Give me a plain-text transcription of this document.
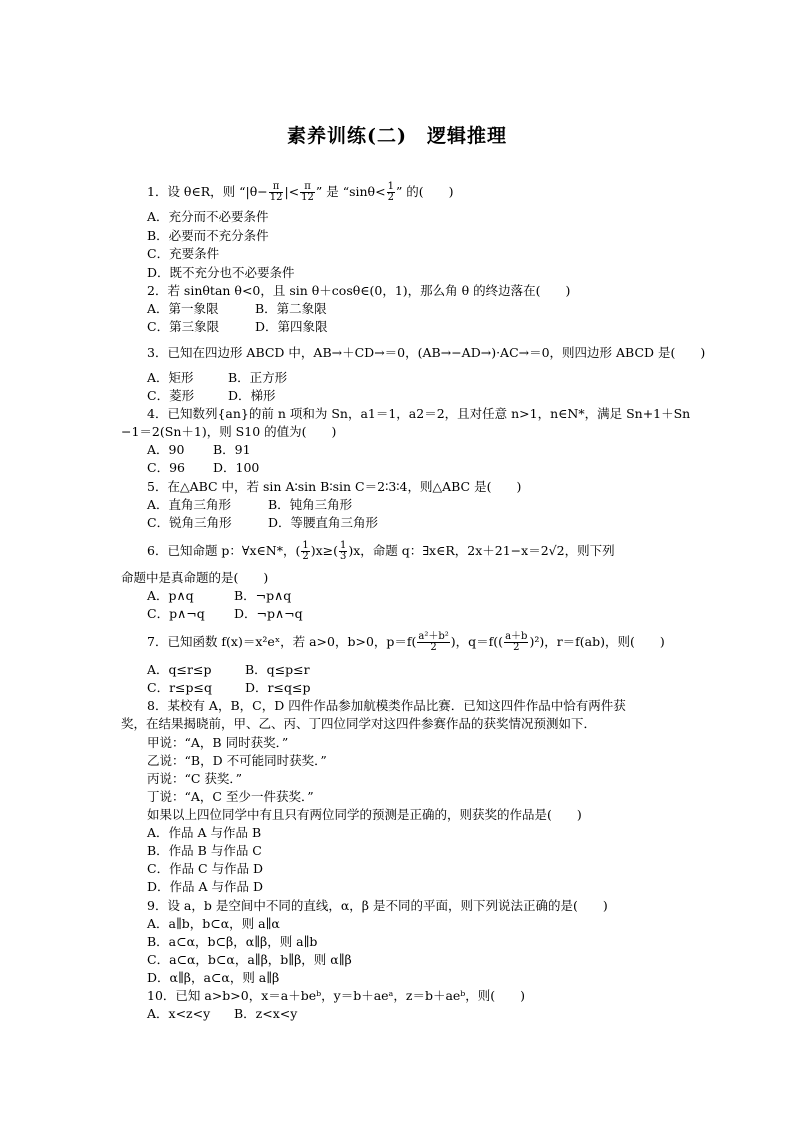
素养训练(二)　逻辑推理
1．设 θ∈R，则 “$|\theta- \frac{\pi}{12}$ |< $\frac{\pi}{12}$ ” 是 “$\sin\theta< \frac{1}{2}$ ” 的(　　)
A．充分而不必要条件
B．必要而不充分条件
C．充要条件
D．既不充分也不必要条件
2．若 sinθtan θ<0，且 sin θ＋cosθ∈(0，1)，那么角 θ 的终边落在(　　)
A．第一象限	B．第二象限
C．第三象限	D．第四象限
3．已知在四边形 ABCD 中，AB→＋CD→＝0，(AB→−AD→)·AC→＝0，则四边形 ABCD 是(　　)
A．矩形	B．正方形
C．菱形	D．梯形
4．已知数列{an}的前 n 项和为 Sn，a1＝1，a2＝2，且对任意 n>1，n∈N*，满足 Sn+1＋Sn
−1＝2(Sn＋1)，则 S10 的值为(　　)
A．90 B．91
C．96 D．100
5．在△ABC 中，若 sin A∶sin B∶sin C＝2∶3∶4，则△ABC 是(　　)
A．直角三角形	B．钝角三角形
C．锐角三角形	D．等腰直角三角形
6．已知命题 p：∀x∈N*，( $\frac{1}{2} )x\ge( \frac{1}{3} )x$，命题 q：∃x∈R，2x＋21−x＝2√2，则下列
命题中是真命题的是(　　)
A．p∧q	B．¬p∧q
C．p∧¬q D．¬p∧¬q
7．已知函数 f(x)＝x²eˣ，若 a>0，b>0，$p=f( \frac{\text{a²＋b²}}{2}$ )，$q=f(( \frac{a+b}{2} )^2)$，r＝f(ab)，则(　　)
A．q≤r≤p	B．q≤p≤r
C．r≤p≤q	D．r≤q≤p
8．某校有 A，B，C，D 四件作品参加航模类作品比赛．已知这四件作品中恰有两件获
奖，在结果揭晓前，甲、乙、丙、丁四位同学对这四件参赛作品的获奖情况预测如下．
甲说：“A，B 同时获奖．”
乙说：“B，D 不可能同时获奖．”
丙说：“C 获奖．”
丁说：“A，C 至少一件获奖．”
如果以上四位同学中有且只有两位同学的预测是正确的，则获奖的作品是(　　)
A．作品 A 与作品 B
B．作品 B 与作品 C
C．作品 C 与作品 D
D．作品 A 与作品 D
9．设 a，b 是空间中不同的直线，α，β 是不同的平面，则下列说法正确的是(　　)
A．a∥b，b⊂α，则 a∥α
B．a⊂α，b⊂β，α∥β，则 a∥b
C．a⊂α，b⊂α，a∥β，b∥β，则 α∥β
D．α∥β，a⊂α，则 a∥β
10．已知 a>b>0，x＝a＋beᵇ，y＝b＋aeᵃ，z＝b＋aeᵇ，则(　　)
A．x<z<y B．z<x<y
